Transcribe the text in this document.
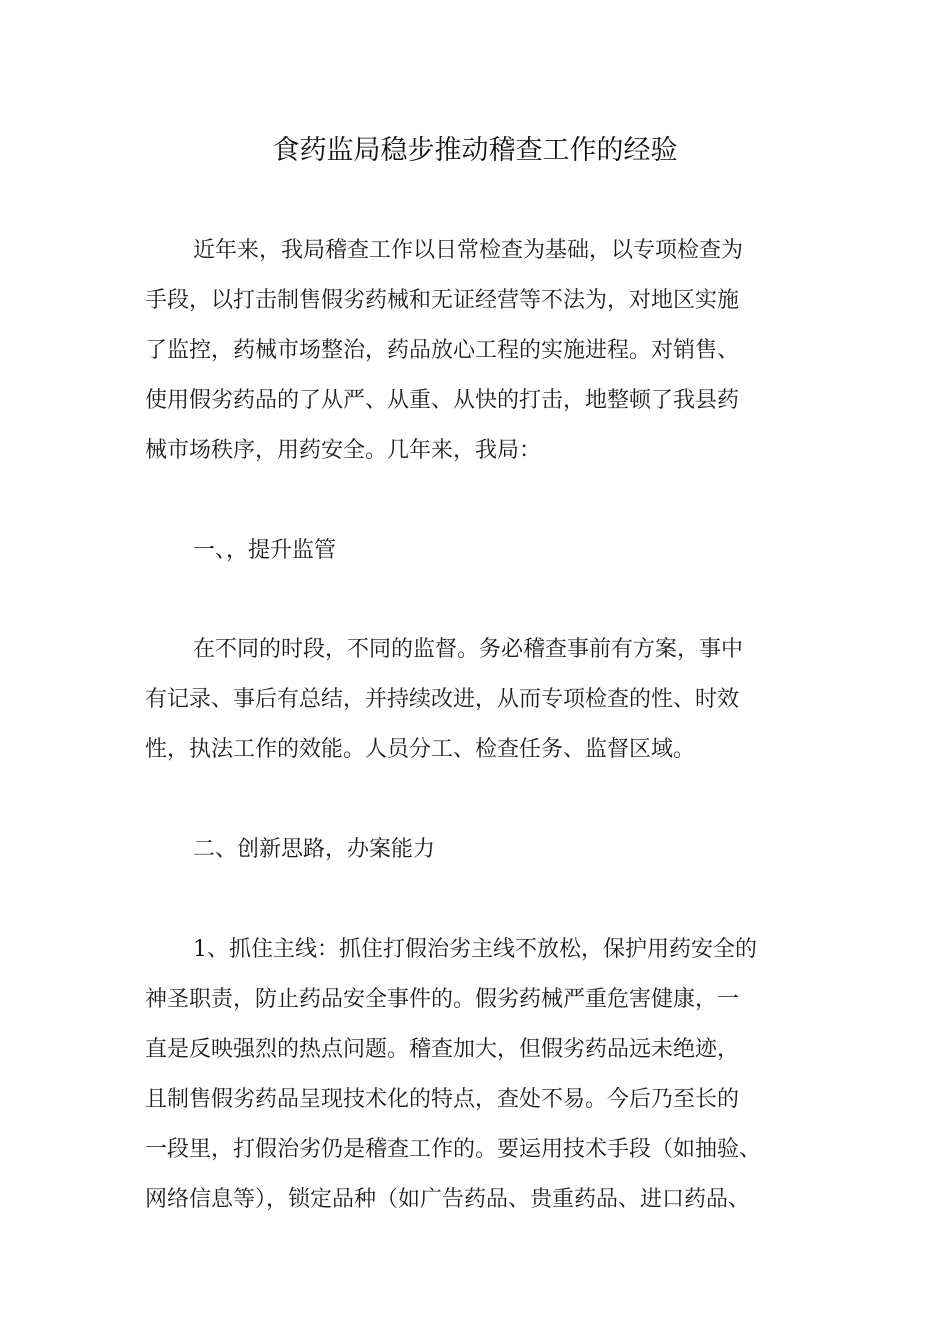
食药监局稳步推动稽查工作的经验
近年来，我局稽查工作以日常检查为基础，以专项检查为
手段，以打击制售假劣药械和无证经营等不法为，对地区实施
了监控，药械市场整治，药品放心工程的实施进程。对销售、
使用假劣药品的了从严、从重、从快的打击，地整顿了我县药
械市场秩序，用药安全。几年来，我局：
一、，提升监管
在不同的时段，不同的监督。务必稽查事前有方案，事中
有记录、事后有总结，并持续改进，从而专项检查的性、时效
性，执法工作的效能。人员分工、检查任务、监督区域。
二、创新思路，办案能力
1、抓住主线：抓住打假治劣主线不放松，保护用药安全的
神圣职责，防止药品安全事件的。假劣药械严重危害健康，一
直是反映强烈的热点问题。稽查加大，但假劣药品远未绝迹，
且制售假劣药品呈现技术化的特点，查处不易。今后乃至长的
一段里，打假治劣仍是稽查工作的。要运用技术手段（如抽验、
网络信息等），锁定品种（如广告药品、贵重药品、进口药品、
